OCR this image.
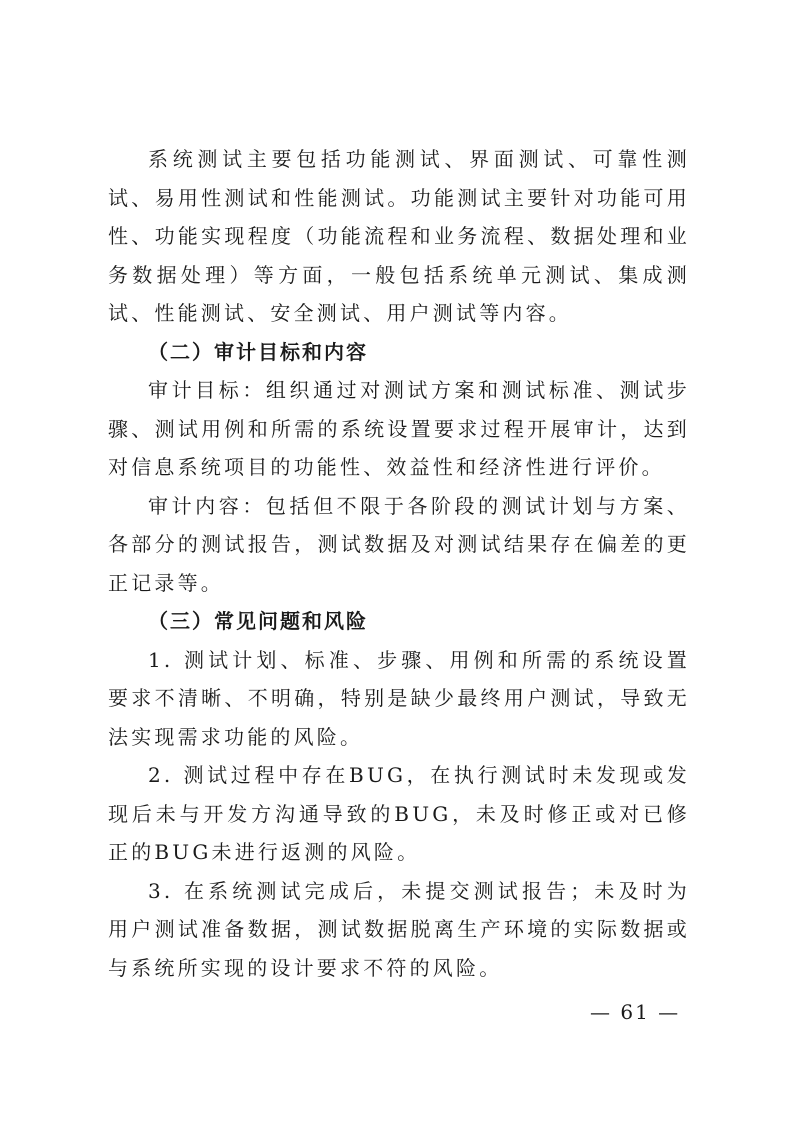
系统测试主要包括功能测试、界面测试、可靠性测试、易用性测试和性能测试。功能测试主要针对功能可用性、功能实现程度（功能流程和业务流程、数据处理和业务数据处理）等方面，一般包括系统单元测试、集成测试、性能测试、安全测试、用户测试等内容。

（二）审计目标和内容

审计目标：组织通过对测试方案和测试标准、测试步骤、测试用例和所需的系统设置要求过程开展审计，达到对信息系统项目的功能性、效益性和经济性进行评价。

审计内容：包括但不限于各阶段的测试计划与方案、各部分的测试报告，测试数据及对测试结果存在偏差的更正记录等。

（三）常见问题和风险

1. 测试计划、标准、步骤、用例和所需的系统设置要求不清晰、不明确，特别是缺少最终用户测试，导致无法实现需求功能的风险。

2. 测试过程中存在BUG，在执行测试时未发现或发现后未与开发方沟通导致的BUG，未及时修正或对已修正的BUG未进行返测的风险。

3. 在系统测试完成后，未提交测试报告；未及时为用户测试准备数据，测试数据脱离生产环境的实际数据或与系统所实现的设计要求不符的风险。

— 61 —
